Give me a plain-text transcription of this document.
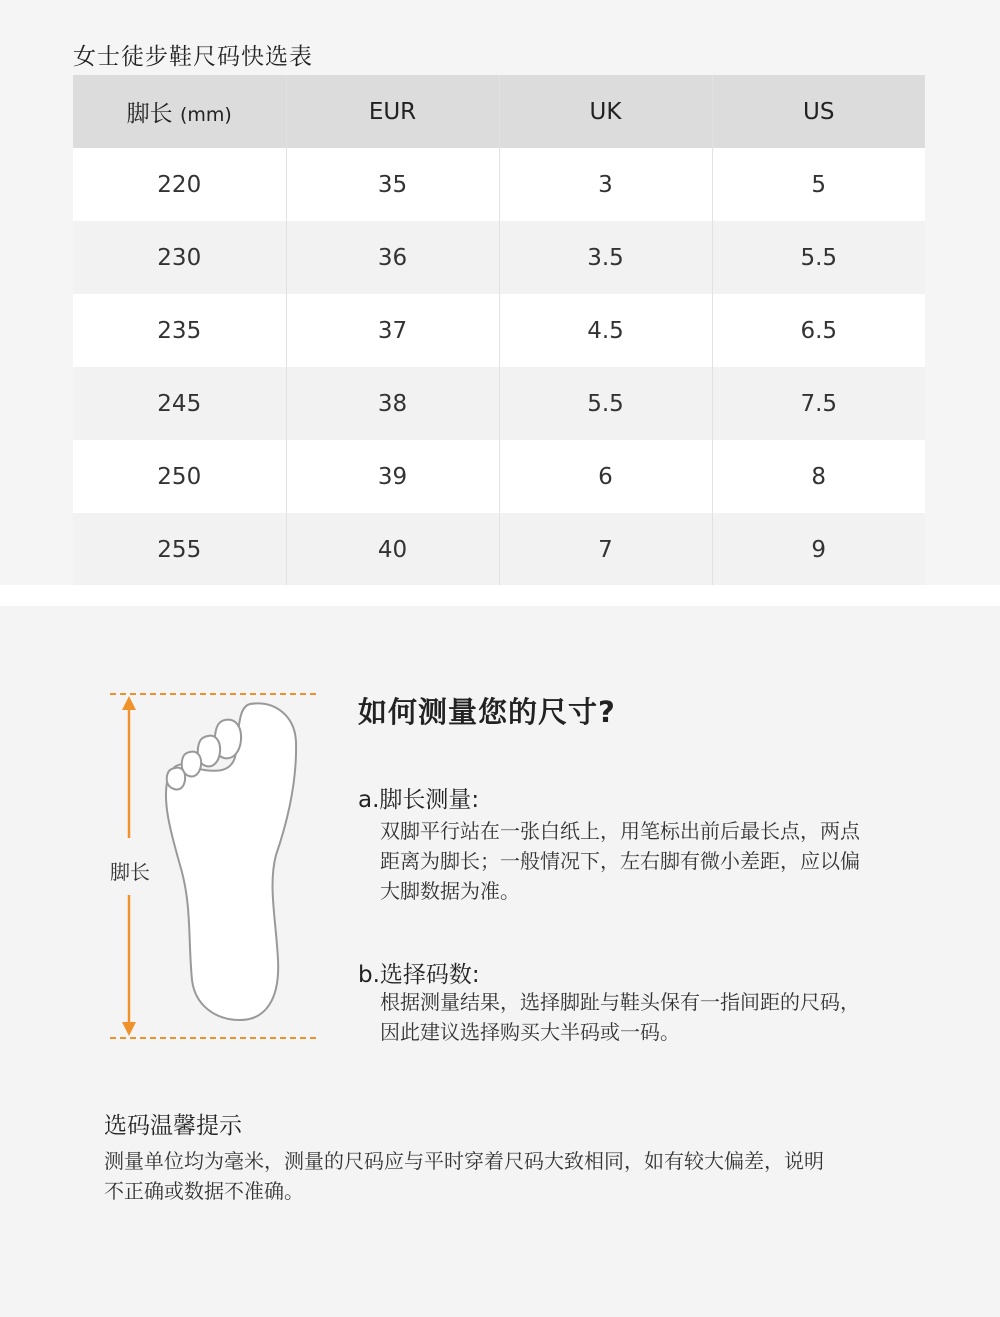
女士徒步鞋尺码快选表
脚长 (mm)	EUR	UK	US
220	35	3	5
230	36	3.5	5.5
235	37	4.5	6.5
245	38	5.5	7.5
250	39	6	8
255	40	7	9
脚长
如何测量您的尺寸?
a.脚长测量:
双脚平行站在一张白纸上，用笔标出前后最长点，两点
距离为脚长；一般情况下，左右脚有微小差距，应以偏
大脚数据为准。
b.选择码数:
根据测量结果，选择脚趾与鞋头保有一指间距的尺码，
因此建议选择购买大半码或一码。
选码温馨提示
测量单位均为毫米，测量的尺码应与平时穿着尺码大致相同，如有较大偏差，说明
不正确或数据不准确。
